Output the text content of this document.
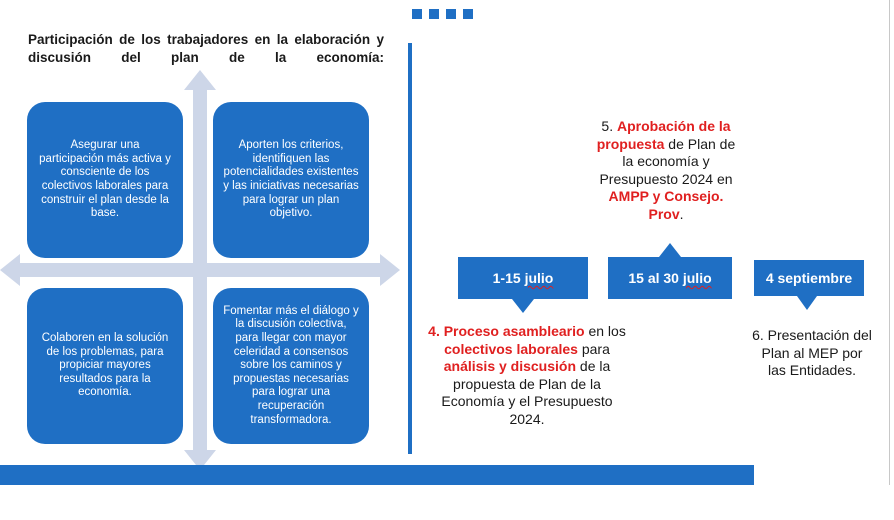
Participación de los trabajadores en la elaboración y discusión del plan de la economía:
Asegurar una participación más activa y consciente de los colectivos laborales para construir el plan desde la base.
Aporten los criterios, identifiquen las potencialidades existentes y las iniciativas necesarias para lograr un plan objetivo.
Colaboren en la solución de los problemas, para propiciar mayores resultados para la economía.
Fomentar más el diálogo y la discusión colectiva, para llegar con mayor celeridad a consensos sobre los caminos y propuestas necesarias para lograr una recuperación transformadora.
5. Aprobación de la propuesta de Plan de la economía y Presupuesto 2024 en AMPP y Consejo. Prov.
1-15 julio	15 al 30 julio	4 septiembre
4. Proceso asambleario en los colectivos laborales para análisis y discusión de la propuesta de Plan de la Economía y el Presupuesto 2024.
6. Presentación del Plan al MEP por las Entidades.
